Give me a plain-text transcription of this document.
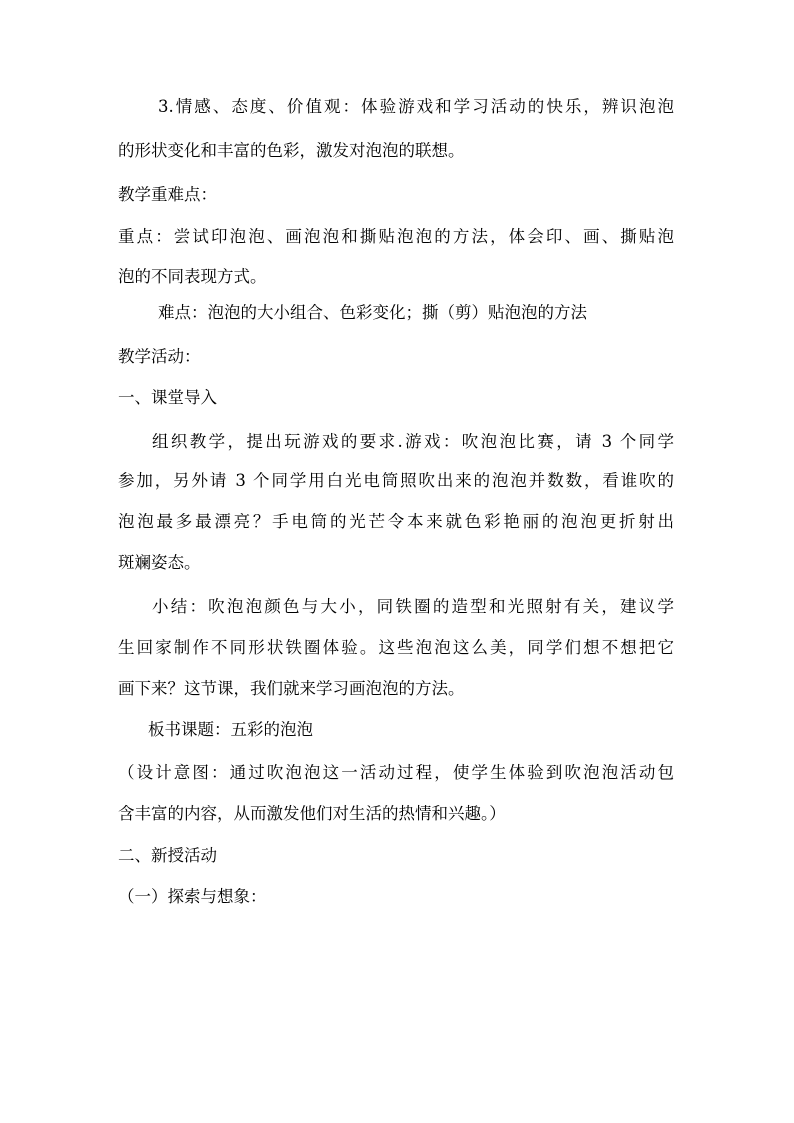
3.情感、态度、价值观：体验游戏和学习活动的快乐，辨识泡泡
的形状变化和丰富的色彩，激发对泡泡的联想。
教学重难点：
重点：尝试印泡泡、画泡泡和撕贴泡泡的方法，体会印、画、撕贴泡
泡的不同表现方式。
难点：泡泡的大小组合、色彩变化；撕（剪）贴泡泡的方法
教学活动：
一、课堂导入
组织教学，提出玩游戏的要求.游戏：吹泡泡比赛，请 3 个同学
参加，另外请 3 个同学用白光电筒照吹出来的泡泡并数数，看谁吹的
泡泡最多最漂亮？手电筒的光芒令本来就色彩艳丽的泡泡更折射出
斑斓姿态。
小结：吹泡泡颜色与大小，同铁圈的造型和光照射有关，建议学
生回家制作不同形状铁圈体验。这些泡泡这么美，同学们想不想把它
画下来？这节课，我们就来学习画泡泡的方法。
板书课题：五彩的泡泡
（设计意图：通过吹泡泡这一活动过程，使学生体验到吹泡泡活动包
含丰富的内容，从而激发他们对生活的热情和兴趣。）
二、新授活动
（一）探索与想象：
